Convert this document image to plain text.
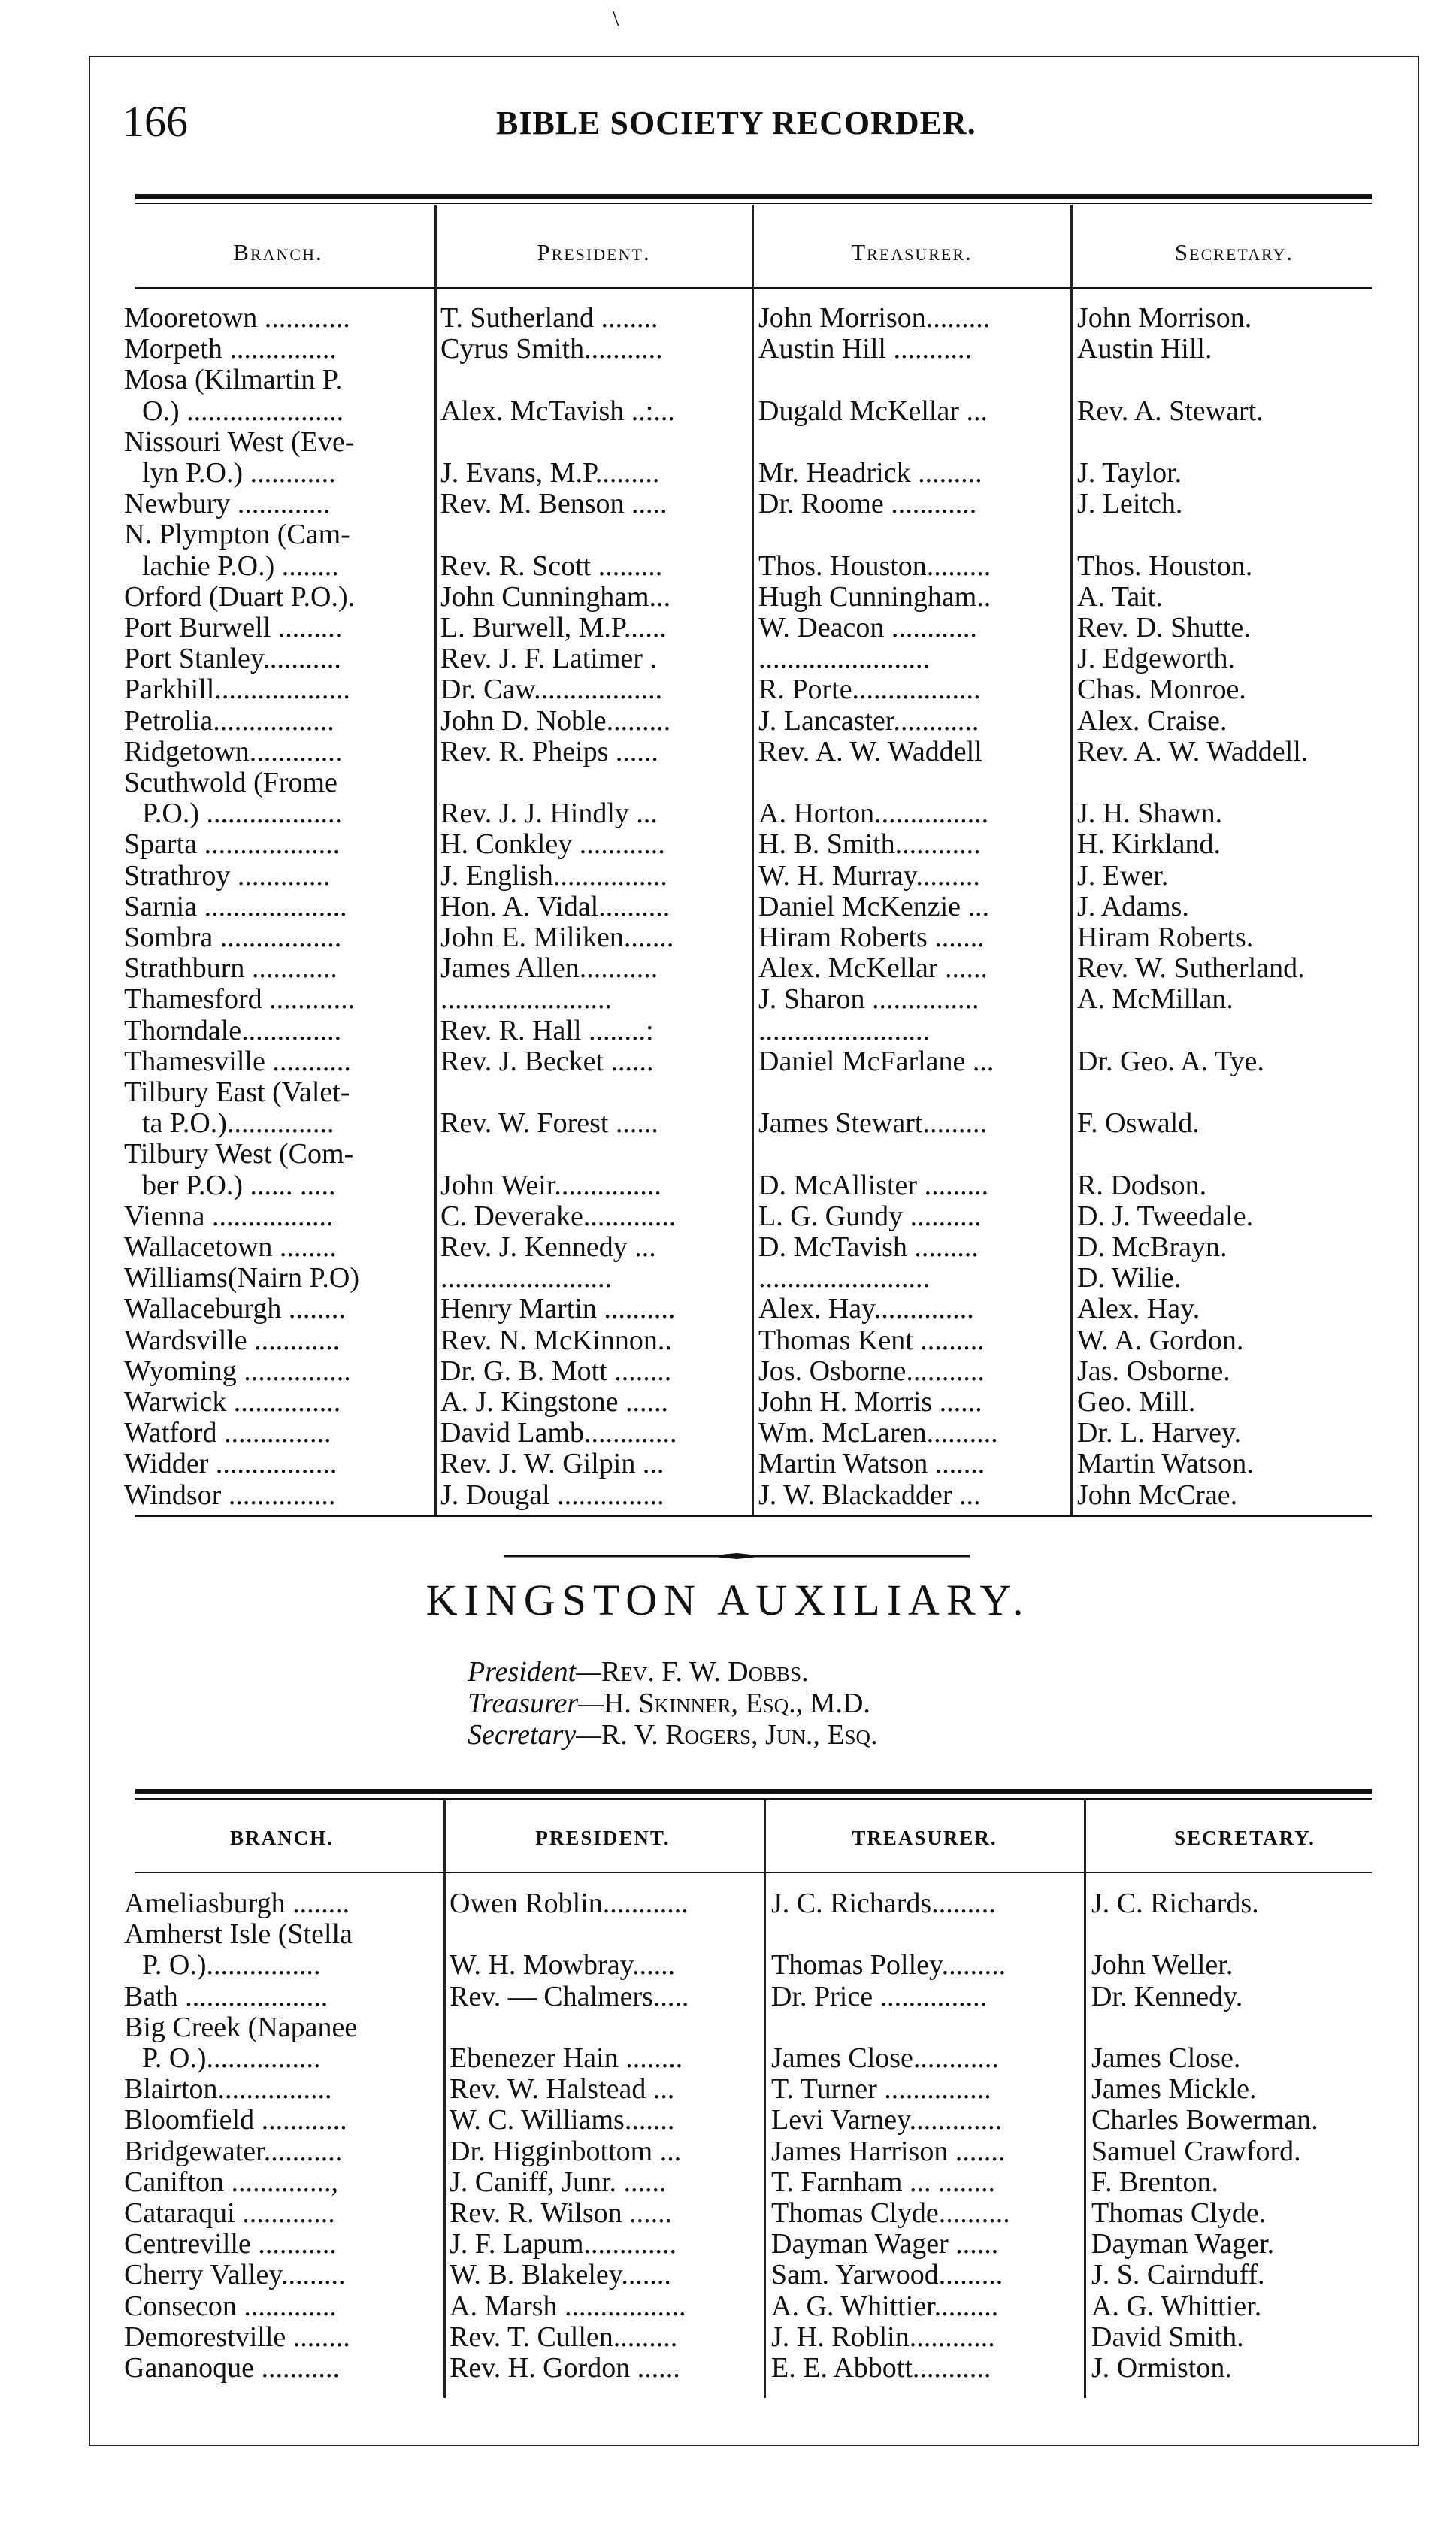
\
166	BIBLE SOCIETY RECORDER.
Branch.	President.	Treasurer.	Secretary.
Mooretown ............	T. Sutherland ........	John Morrison.........	John Morrison.
Morpeth ...............	Cyrus Smith...........	Austin Hill ...........	Austin Hill.
Mosa (Kilmartin P.
O.) ......................	Alex. McTavish ..:...	Dugald McKellar ...	Rev. A. Stewart.
Nissouri West (Eve-
lyn P.O.) ............	J. Evans, M.P.........	Mr. Headrick .........	J. Taylor.
Newbury .............	Rev. M. Benson .....	Dr. Roome ............	J. Leitch.
N. Plympton (Cam-
lachie P.O.) ........	Rev. R. Scott .........	Thos. Houston.........	Thos. Houston.
Orford (Duart P.O.).	John Cunningham...	Hugh Cunningham..	A. Tait.
Port Burwell .........	L. Burwell, M.P......	W. Deacon ............	Rev. D. Shutte.
Port Stanley...........	Rev. J. F. Latimer .	........................	J. Edgeworth.
Parkhill...................	Dr. Caw..................	R. Porte..................	Chas. Monroe.
Petrolia.................	John D. Noble.........	J. Lancaster............	Alex. Craise.
Ridgetown.............	Rev. R. Pheips ......	Rev. A. W. Waddell	Rev. A. W. Waddell.
Scuthwold (Frome
P.O.) ...................	Rev. J. J. Hindly ...	A. Horton................	J. H. Shawn.
Sparta ...................	H. Conkley ............	H. B. Smith............	H. Kirkland.
Strathroy .............	J. English................	W. H. Murray.........	J. Ewer.
Sarnia ....................	Hon. A. Vidal..........	Daniel McKenzie ...	J. Adams.
Sombra .................	John E. Miliken.......	Hiram Roberts .......	Hiram Roberts.
Strathburn ............	James Allen...........	Alex. McKellar ......	Rev. W. Sutherland.
Thamesford ............	........................	J. Sharon ...............	A. McMillan.
Thorndale..............	Rev. R. Hall ........:	........................
Thamesville ...........	Rev. J. Becket ......	Daniel McFarlane ...	Dr. Geo. A. Tye.
Tilbury East (Valet-
ta P.O.)...............	Rev. W. Forest ......	James Stewart.........	F. Oswald.
Tilbury West (Com-
ber P.O.) ...... .....	John Weir...............	D. McAllister .........	R. Dodson.
Vienna .................	C. Deverake.............	L. G. Gundy ..........	D. J. Tweedale.
Wallacetown ........	Rev. J. Kennedy ...	D. McTavish .........	D. McBrayn.
Williams(Nairn P.O)	........................	........................	D. Wilie.
Wallaceburgh ........	Henry Martin ..........	Alex. Hay..............	Alex. Hay.
Wardsville ............	Rev. N. McKinnon..	Thomas Kent .........	W. A. Gordon.
Wyoming ...............	Dr. G. B. Mott ........	Jos. Osborne...........	Jas. Osborne.
Warwick ...............	A. J. Kingstone ......	John H. Morris ......	Geo. Mill.
Watford ...............	David Lamb.............	Wm. McLaren..........	Dr. L. Harvey.
Widder .................	Rev. J. W. Gilpin ...	Martin Watson .......	Martin Watson.
Windsor ...............	J. Dougal ...............	J. W. Blackadder ...	John McCrae.
KINGSTON AUXILIARY.
President—Rev. F. W. Dobbs.
Treasurer—H. Skinner, Esq., M.D.
Secretary—R. V. Rogers, Jun., Esq.
BRANCH.	PRESIDENT.	TREASURER.	SECRETARY.
Ameliasburgh ........	Owen Roblin............	J. C. Richards.........	J. C. Richards.
Amherst Isle (Stella
P. O.)................	W. H. Mowbray......	Thomas Polley.........	John Weller.
Bath ....................	Rev. — Chalmers.....	Dr. Price ...............	Dr. Kennedy.
Big Creek (Napanee
P. O.)................	Ebenezer Hain ........	James Close............	James Close.
Blairton................	Rev. W. Halstead ...	T. Turner ...............	James Mickle.
Bloomfield ............	W. C. Williams.......	Levi Varney.............	Charles Bowerman.
Bridgewater...........	Dr. Higginbottom ...	James Harrison .......	Samuel Crawford.
Canifton ..............,	J. Caniff, Junr. ......	T. Farnham ... ........	F. Brenton.
Cataraqui .............	Rev. R. Wilson ......	Thomas Clyde..........	Thomas Clyde.
Centreville ...........	J. F. Lapum.............	Dayman Wager ......	Dayman Wager.
Cherry Valley.........	W. B. Blakeley.......	Sam. Yarwood.........	J. S. Cairnduff.
Consecon .............	A. Marsh .................	A. G. Whittier.........	A. G. Whittier.
Demorestville ........	Rev. T. Cullen.........	J. H. Roblin............	David Smith.
Gananoque ...........	Rev. H. Gordon ......	E. E. Abbott...........	J. Ormiston.
